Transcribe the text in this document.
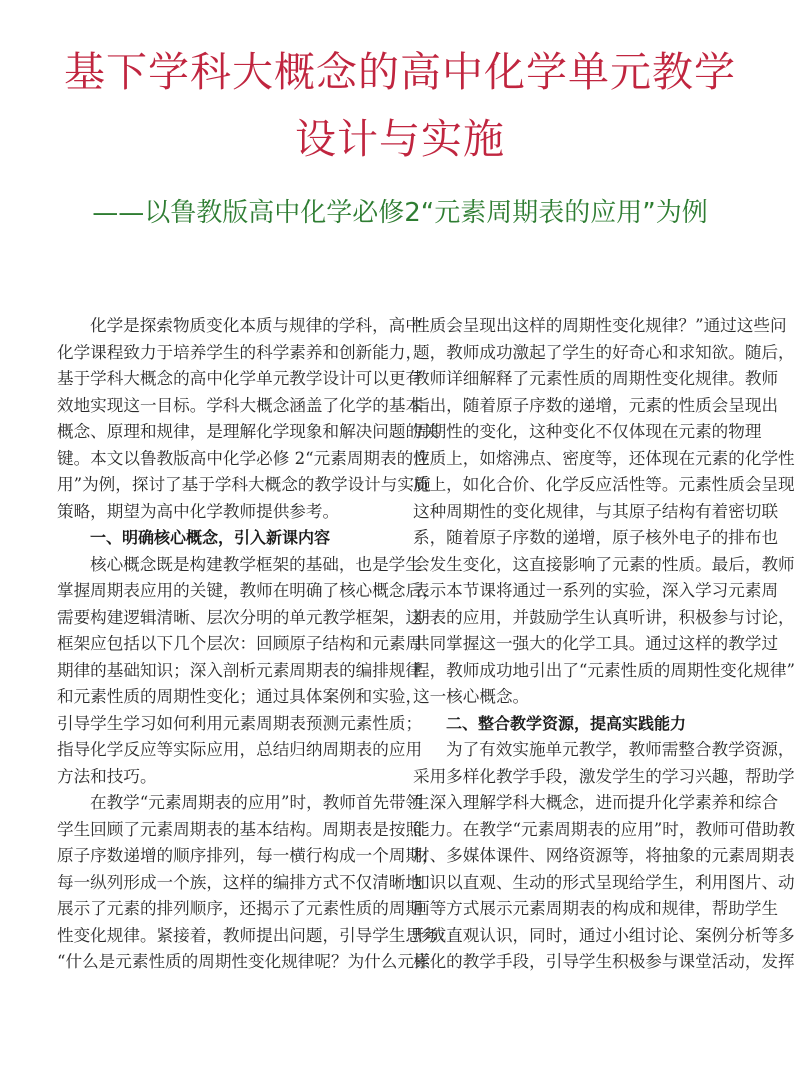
基下学科大概念的高中化学单元教学
设计与实施
——以鲁教版高中化学必修2“元素周期表的应用”为例
化学是探索物质变化本质与规律的学科，高中
化学课程致力于培养学生的科学素养和创新能力，
基于学科大概念的高中化学单元教学设计可以更有
效地实现这一目标。学科大概念涵盖了化学的基本
概念、原理和规律，是理解化学现象和解决问题的关
键。本文以鲁教版高中化学必修 2“元素周期表的应
用”为例，探讨了基于学科大概念的教学设计与实施
策略，期望为高中化学教师提供参考。
一、明确核心概念，引入新课内容
核心概念既是构建教学框架的基础，也是学生
掌握周期表应用的关键，教师在明确了核心概念后，
需要构建逻辑清晰、层次分明的单元教学框架，这一
框架应包括以下几个层次：回顾原子结构和元素周
期律的基础知识；深入剖析元素周期表的编排规律
和元素性质的周期性变化；通过具体案例和实验，
引导学生学习如何利用元素周期表预测元素性质；
指导化学反应等实际应用，总结归纳周期表的应用
方法和技巧。
在教学“元素周期表的应用”时，教师首先带领
学生回顾了元素周期表的基本结构。周期表是按照
原子序数递增的顺序排列，每一横行构成一个周期，
每一纵列形成一个族，这样的编排方式不仅清晰地
展示了元素的排列顺序，还揭示了元素性质的周期
性变化规律。紧接着，教师提出问题，引导学生思考：
“什么是元素性质的周期性变化规律呢？为什么元素
性质会呈现出这样的周期性变化规律？”通过这些问
题，教师成功激起了学生的好奇心和求知欲。随后，
教师详细解释了元素性质的周期性变化规律。教师
指出，随着原子序数的递增，元素的性质会呈现出
周期性的变化，这种变化不仅体现在元素的物理
性质上，如熔沸点、密度等，还体现在元素的化学性
质上，如化合价、化学反应活性等。元素性质会呈现
这种周期性的变化规律，与其原子结构有着密切联
系，随着原子序数的递增，原子核外电子的排布也
会发生变化，这直接影响了元素的性质。最后，教师
表示本节课将通过一系列的实验，深入学习元素周
期表的应用，并鼓励学生认真听讲，积极参与讨论，
共同掌握这一强大的化学工具。通过这样的教学过
程，教师成功地引出了“元素性质的周期性变化规律”
这一核心概念。
二、整合教学资源，提高实践能力
为了有效实施单元教学，教师需整合教学资源，
采用多样化教学手段，激发学生的学习兴趣，帮助学
生深入理解学科大概念，进而提升化学素养和综合
能力。在教学“元素周期表的应用”时，教师可借助教
材、多媒体课件、网络资源等，将抽象的元素周期表
知识以直观、生动的形式呈现给学生，利用图片、动
画等方式展示元素周期表的构成和规律，帮助学生
形成直观认识，同时，通过小组讨论、案例分析等多
样化的教学手段，引导学生积极参与课堂活动，发挥
